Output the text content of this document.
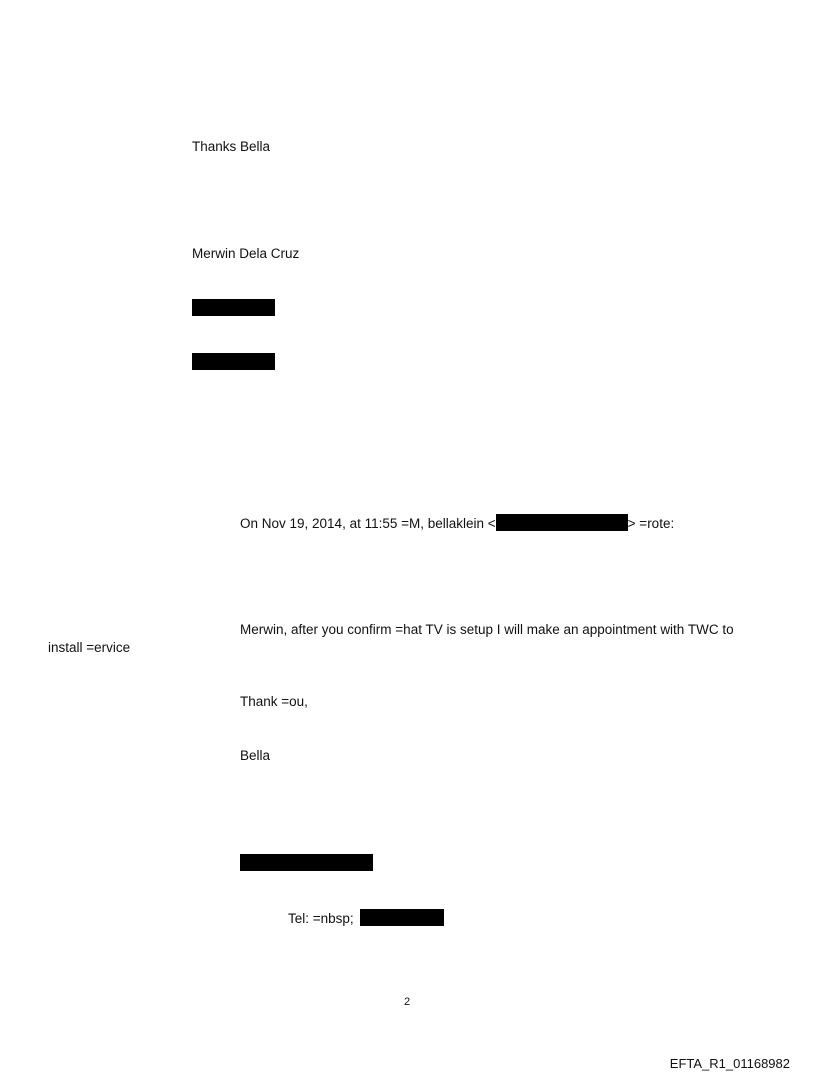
Thanks Bella
Merwin Dela Cruz
On Nov 19, 2014, at 11:55 =M, bellaklein <	> =rote:
Merwin, after you confirm =hat TV is setup I will make an appointment with TWC to
install =ervice
Thank =ou,
Bella
Tel: =nbsp;
2
EFTA_R1_01168982
